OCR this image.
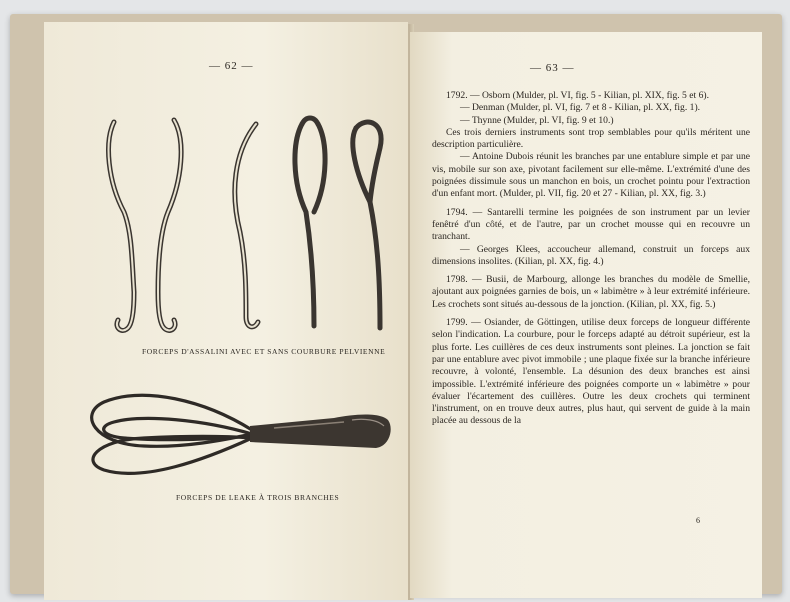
— 62 —
FORCEPS D'ASSALINI AVEC ET SANS COURBURE PELVIENNE
FORCEPS DE LEAKE À TROIS BRANCHES
— 63 —

1792. — Osborn (Mulder, pl. VI, fig. 5 - Kilian, pl. XIX, fig. 5 et 6).

— Denman (Mulder, pl. VI, fig. 7 et 8 - Kilian, pl. XX, fig. 1).

— Thynne (Mulder, pl. VI, fig. 9 et 10.)

Ces trois derniers instruments sont trop semblables pour qu'ils méritent une description particulière.

— Antoine Dubois réunit les branches par une entablure simple et par une vis, mobile sur son axe, pivotant facilement sur elle-même. L'extrémité d'une des poignées dissimule sous un manchon en bois, un crochet pointu pour l'extraction d'un enfant mort. (Mulder, pl. VII, fig. 20 et 27 - Kilian, pl. XX, fig. 3.)

1794. — Santarelli termine les poignées de son instrument par un levier fenêtré d'un côté, et de l'autre, par un crochet mousse qui en recouvre un tranchant.

— Georges Klees, accoucheur allemand, construit un forceps aux dimensions insolites. (Kilian, pl. XX, fig. 4.)

1798. — Busii, de Marbourg, allonge les branches du modèle de Smellie, ajoutant aux poignées garnies de bois, un « labimètre » à leur extrémité inférieure. Les crochets sont situés au-dessous de la jonction. (Kilian, pl. XX, fig. 5.)

1799. — Osiander, de Göttingen, utilise deux forceps de longueur différente selon l'indication. La courbure, pour le forceps adapté au détroit supérieur, est la plus forte. Les cuillères de ces deux instruments sont pleines. La jonction se fait par une entablure avec pivot immobile ; une plaque fixée sur la branche inférieure recouvre, à volonté, l'ensemble. La désunion des deux branches est ainsi impossible. L'extrémité inférieure des poignées comporte un « labimètre » pour évaluer l'écartement des cuillères. Outre les deux crochets qui terminent l'instrument, on en trouve deux autres, plus haut, qui servent de guide à la main placée au dessous de la

6
